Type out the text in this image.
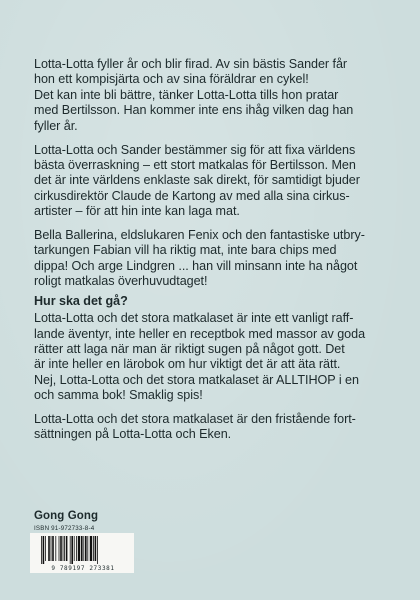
Lotta-Lotta fyller år och blir firad. Av sin bästis Sander får
hon ett kompisjärta och av sina föräldrar en cykel!
Det kan inte bli bättre, tänker Lotta-Lotta tills hon pratar
med Bertilsson. Han kommer inte ens ihåg vilken dag han
fyller år.

Lotta-Lotta och Sander bestämmer sig för att fixa världens
bästa överraskning – ett stort matkalas för Bertilsson. Men
det är inte världens enklaste sak direkt, för samtidigt bjuder
cirkusdirektör Claude de Kartong av med alla sina cirkus-
artister – för att hin inte kan laga mat.

Bella Ballerina, eldslukaren Fenix och den fantastiske utbry-
tarkungen Fabian vill ha riktig mat, inte bara chips med
dippa! Och arge Lindgren ... han vill minsann inte ha något
roligt matkalas överhuvudtaget!

Hur ska det gå?

Lotta-Lotta och det stora matkalaset är inte ett vanligt raff-
lande äventyr, inte heller en receptbok med massor av goda
rätter att laga när man är riktigt sugen på något gott. Det
är inte heller en lärobok om hur viktigt det är att äta rätt.
Nej, Lotta-Lotta och det stora matkalaset är ALLTIHOP i en
och samma bok! Smaklig spis!

Lotta-Lotta och det stora matkalaset är den fristående fort-
sättningen på Lotta-Lotta och Eken.

Gong Gong
ISBN 91-972733-8-4
9 789197 273381
